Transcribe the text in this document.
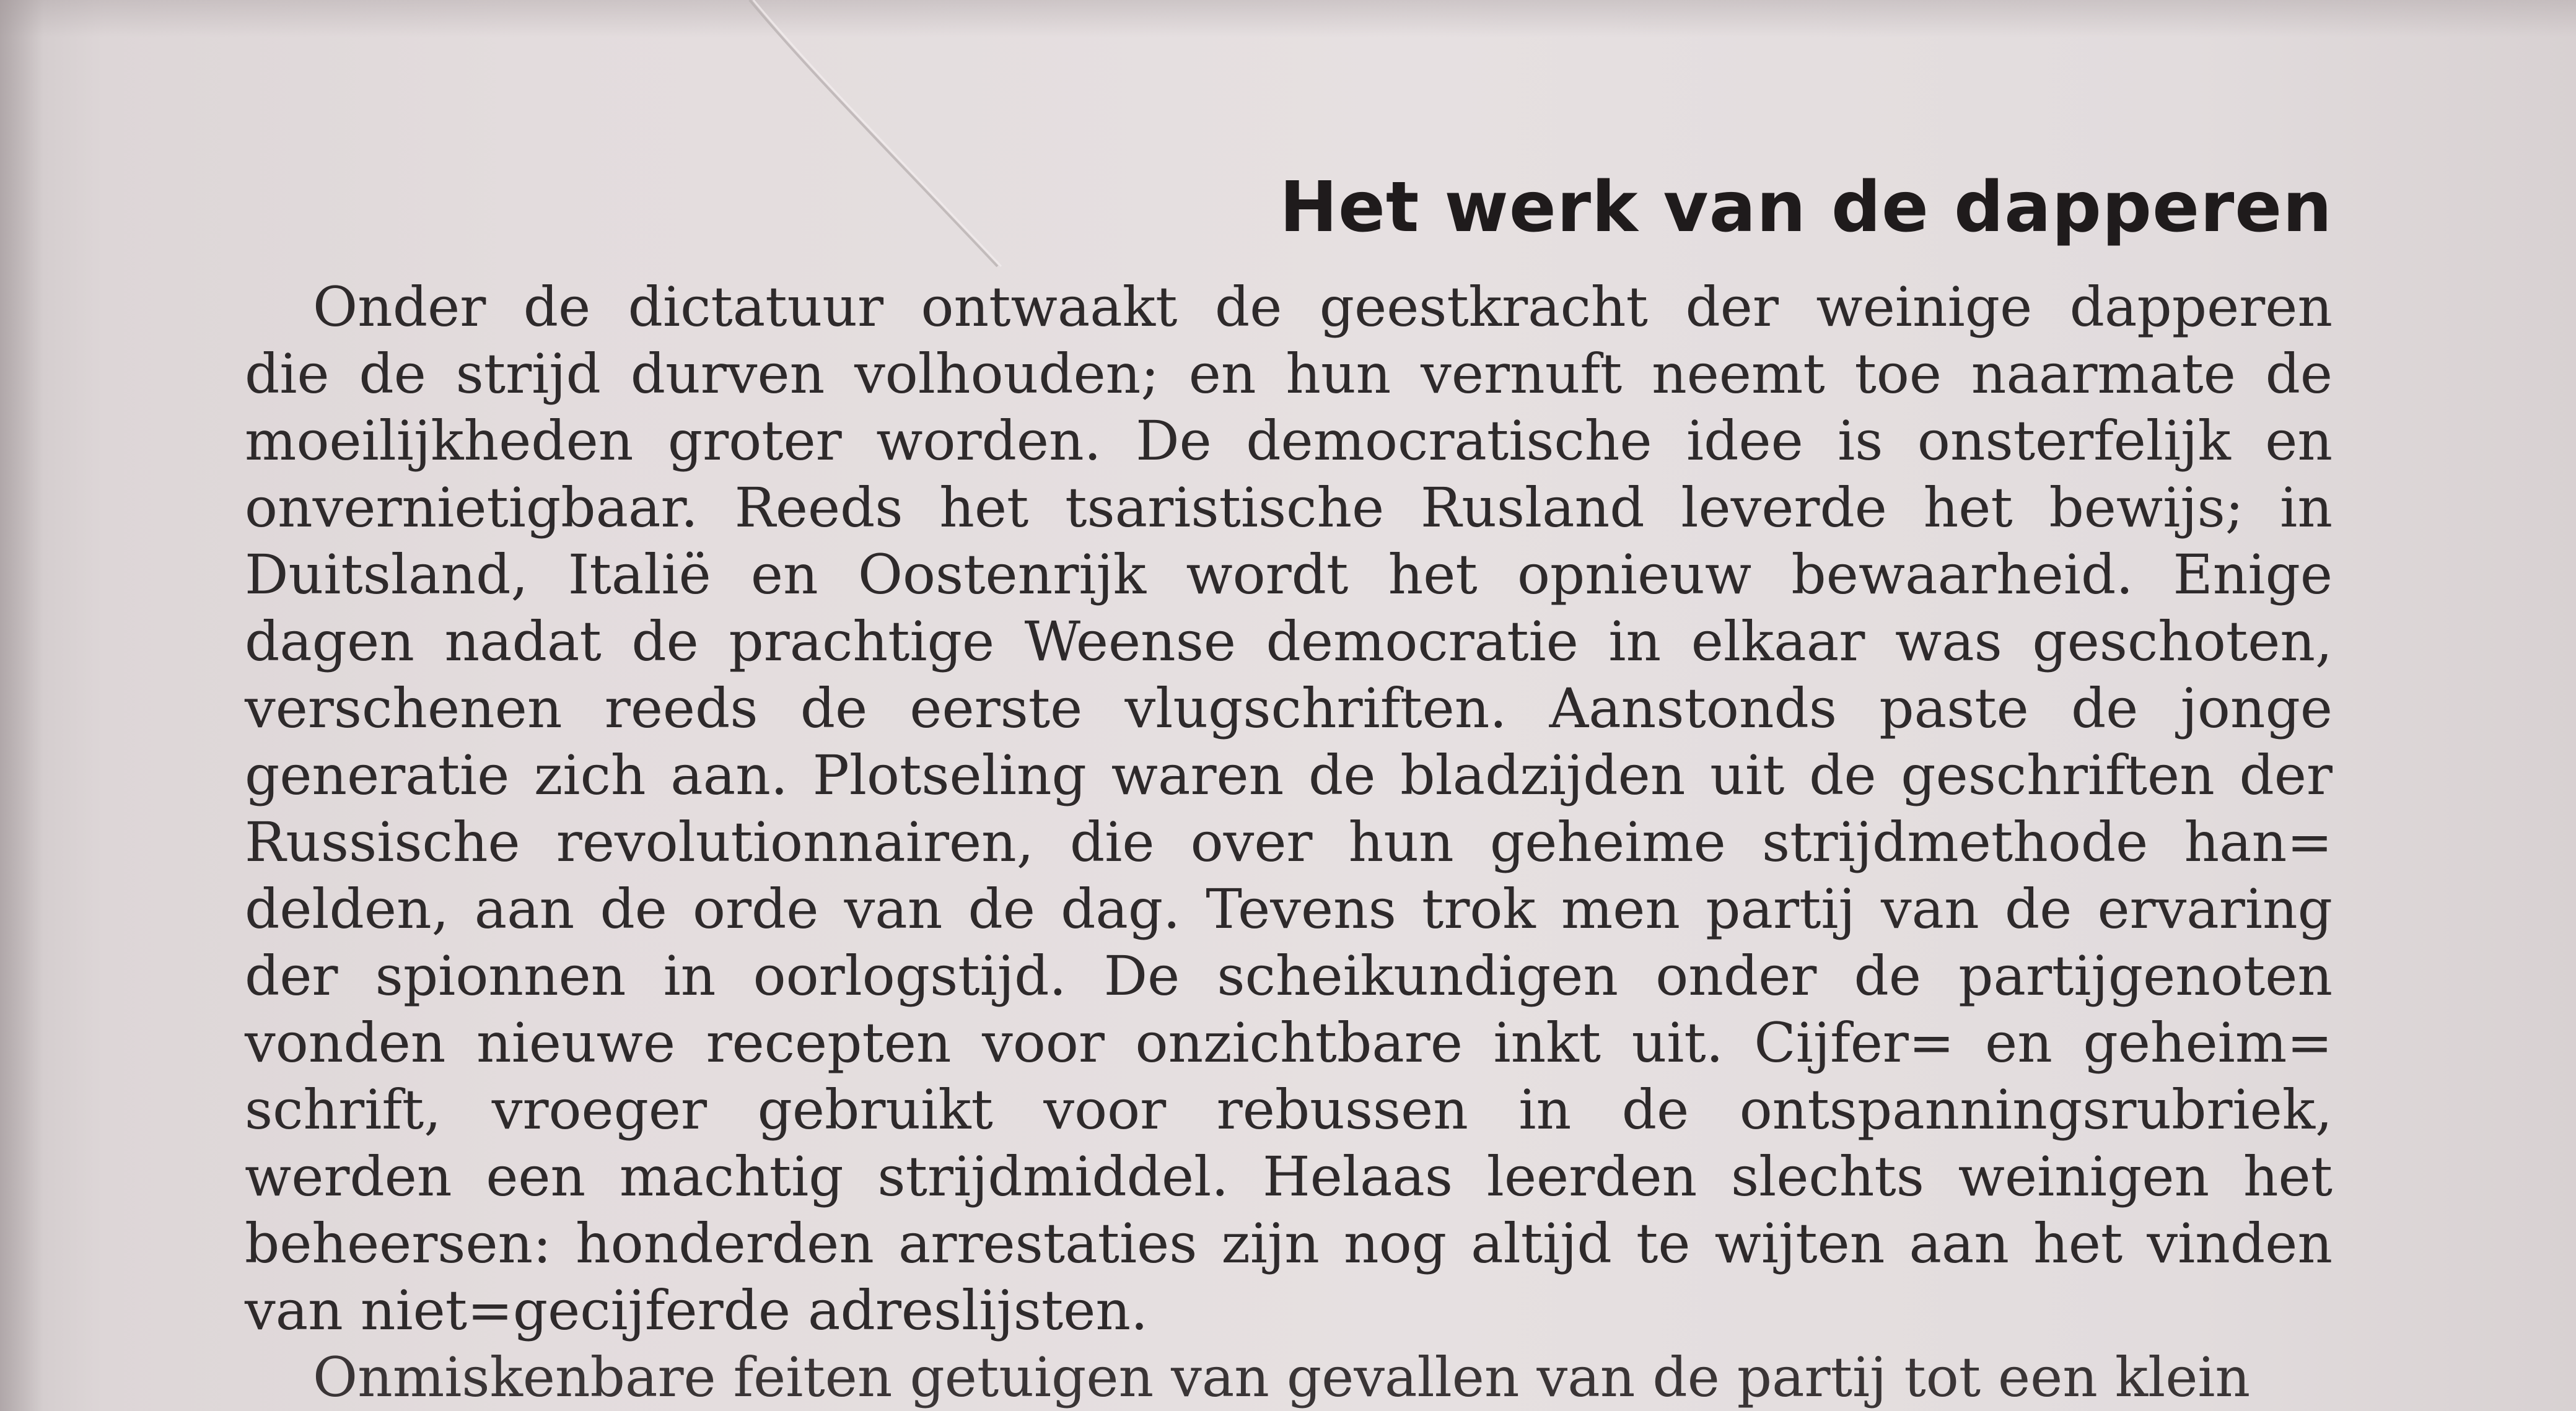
Het werk van de dapperen
Onder de dictatuur ontwaakt de geestkracht der weinige dapperen
die de strijd durven volhouden; en hun vernuft neemt toe naarmate de
moeilijkheden groter worden. De democratische idee is onsterfelijk en
onvernietigbaar. Reeds het tsaristische Rusland leverde het bewijs; in
Duitsland, Italië en Oostenrijk wordt het opnieuw bewaarheid. Enige
dagen nadat de prachtige Weense democratie in elkaar was geschoten,
verschenen reeds de eerste vlugschriften. Aanstonds paste de jonge
generatie zich aan. Plotseling waren de bladzijden uit de geschriften der
Russische revolutionnairen, die over hun geheime strijdmethode han=
delden, aan de orde van de dag. Tevens trok men partij van de ervaring
der spionnen in oorlogstijd. De scheikundigen onder de partijgenoten
vonden nieuwe recepten voor onzichtbare inkt uit. Cijfer= en geheim=
schrift, vroeger gebruikt voor rebussen in de ontspanningsrubriek,
werden een machtig strijdmiddel. Helaas leerden slechts weinigen het
beheersen: honderden arrestaties zijn nog altijd te wijten aan het vinden
van niet=gecijferde adreslijsten.
Onmiskenbare feiten getuigen van gevallen van de partij tot een klein
